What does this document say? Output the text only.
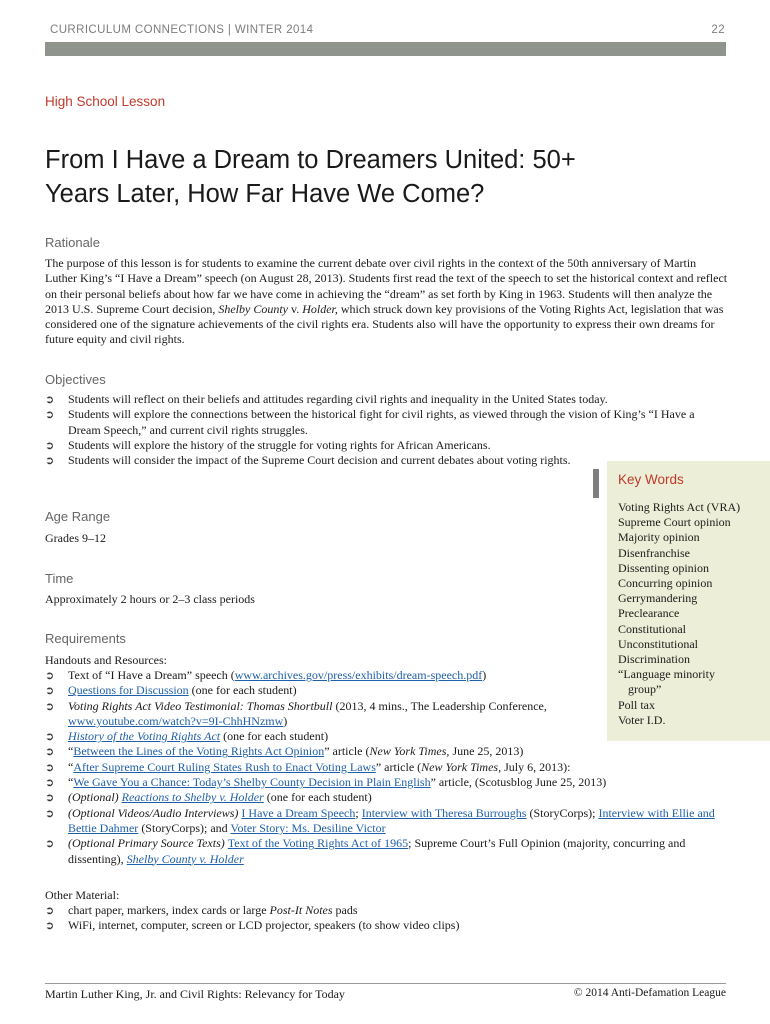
CURRICULUM CONNECTIONS | WINTER 2014	22
High School Lesson
From I Have a Dream to Dreamers United: 50+
Years Later, How Far Have We Come?
Rationale

The purpose of this lesson is for students to examine the current debate over civil rights in the context of the 50th anniversary of Martin Luther King’s “I Have a Dream” speech (on August 28, 2013). Students first read the text of the speech to set the historical context and reflect on their personal beliefs about how far we have come in achieving the “dream” as set forth by King in 1963. Students will then analyze the 2013 U.S. Supreme Court decision, Shelby County v. Holder, which struck down key provisions of the Voting Rights Act, legislation that was considered one of the signature achievements of the civil rights era. Students also will have the opportunity to express their own dreams for future equity and civil rights.

Objectives
➲	Students will reflect on their beliefs and attitudes regarding civil rights and inequality in the United States today.
➲	Students will explore the connections between the historical fight for civil rights, as viewed through the vision of King’s “I Have a Dream Speech,” and current civil rights struggles.
➲	Students will explore the history of the struggle for voting rights for African Americans.
➲	Students will consider the impact of the Supreme Court decision and current debates about voting rights.
Age Range
Grades 9–12
Time
Approximately 2 hours or 2–3 class periods
Requirements
Handouts and Resources:
➲	Text of “I Have a Dream” speech (www.archives.gov/press/exhibits/dream-speech.pdf)
➲	Questions for Discussion (one for each student)
➲	Voting Rights Act Video Testimonial: Thomas Shortbull (2013, 4 mins., The Leadership Conference, www.youtube.com/watch?v=9I-ChhHNzmw)
➲	History of the Voting Rights Act (one for each student)
➲	“Between the Lines of the Voting Rights Act Opinion” article (New York Times, June 25, 2013)
➲	“After Supreme Court Ruling States Rush to Enact Voting Laws” article (New York Times, July 6, 2013):
➲	“We Gave You a Chance: Today’s Shelby County Decision in Plain English” article, (Scotusblog June 25, 2013)
➲	(Optional) Reactions to Shelby v. Holder (one for each student)
➲	(Optional Videos/Audio Interviews) I Have a Dream Speech; Interview with Theresa Burroughs (StoryCorps); Interview with Ellie and Bettie Dahmer (StoryCorps); and Voter Story: Ms. Desiline Victor
➲	(Optional Primary Source Texts) Text of the Voting Rights Act of 1965; Supreme Court’s Full Opinion (majority, concurring and dissenting), Shelby County v. Holder
Other Material:
➲	chart paper, markers, index cards or large Post-It Notes pads
➲	WiFi, internet, computer, screen or LCD projector, speakers (to show video clips)
Key Words
Voting Rights Act (VRA)
Supreme Court opinion
Majority opinion
Disenfranchise
Dissenting opinion
Concurring opinion
Gerrymandering
Preclearance
Constitutional
Unconstitutional
Discrimination
“Language minority
group”
Poll tax
Voter I.D.
Martin Luther King, Jr. and Civil Rights: Relevancy for Today	© 2014 Anti-Defamation League
